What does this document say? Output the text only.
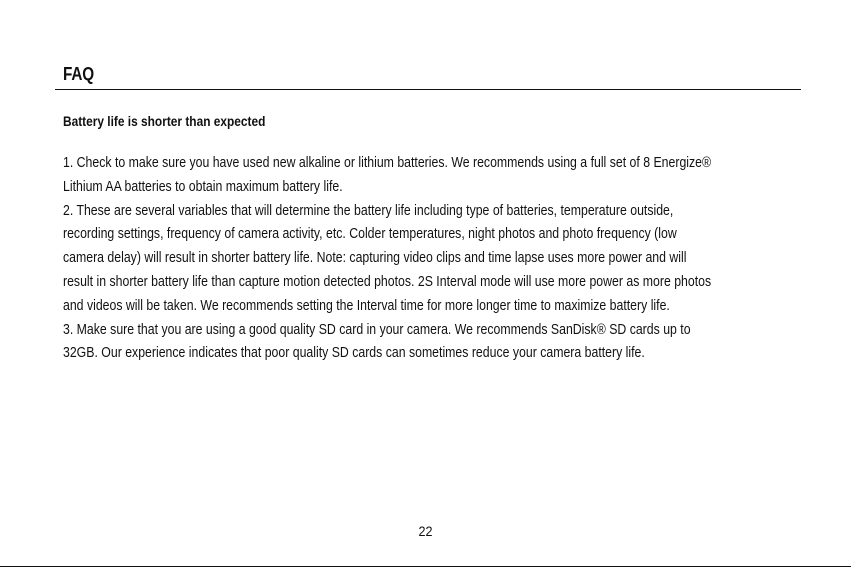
FAQ
Battery life is shorter than expected
1. Check to make sure you have used new alkaline or lithium batteries. We recommends using a full set of 8 Energize®
Lithium AA batteries to obtain maximum battery life.
2. These are several variables that will determine the battery life including type of batteries, temperature outside,
recording settings, frequency of camera activity, etc. Colder temperatures, night photos and photo frequency (low
camera delay) will result in shorter battery life. Note: capturing video clips and time lapse uses more power and will
result in shorter battery life than capture motion detected photos. 2S Interval mode will use more power as more photos
and videos will be taken. We recommends setting the Interval time for more longer time to maximize battery life.
3. Make sure that you are using a good quality SD card in your camera. We recommends SanDisk® SD cards up to
32GB. Our experience indicates that poor quality SD cards can sometimes reduce your camera battery life.
22
